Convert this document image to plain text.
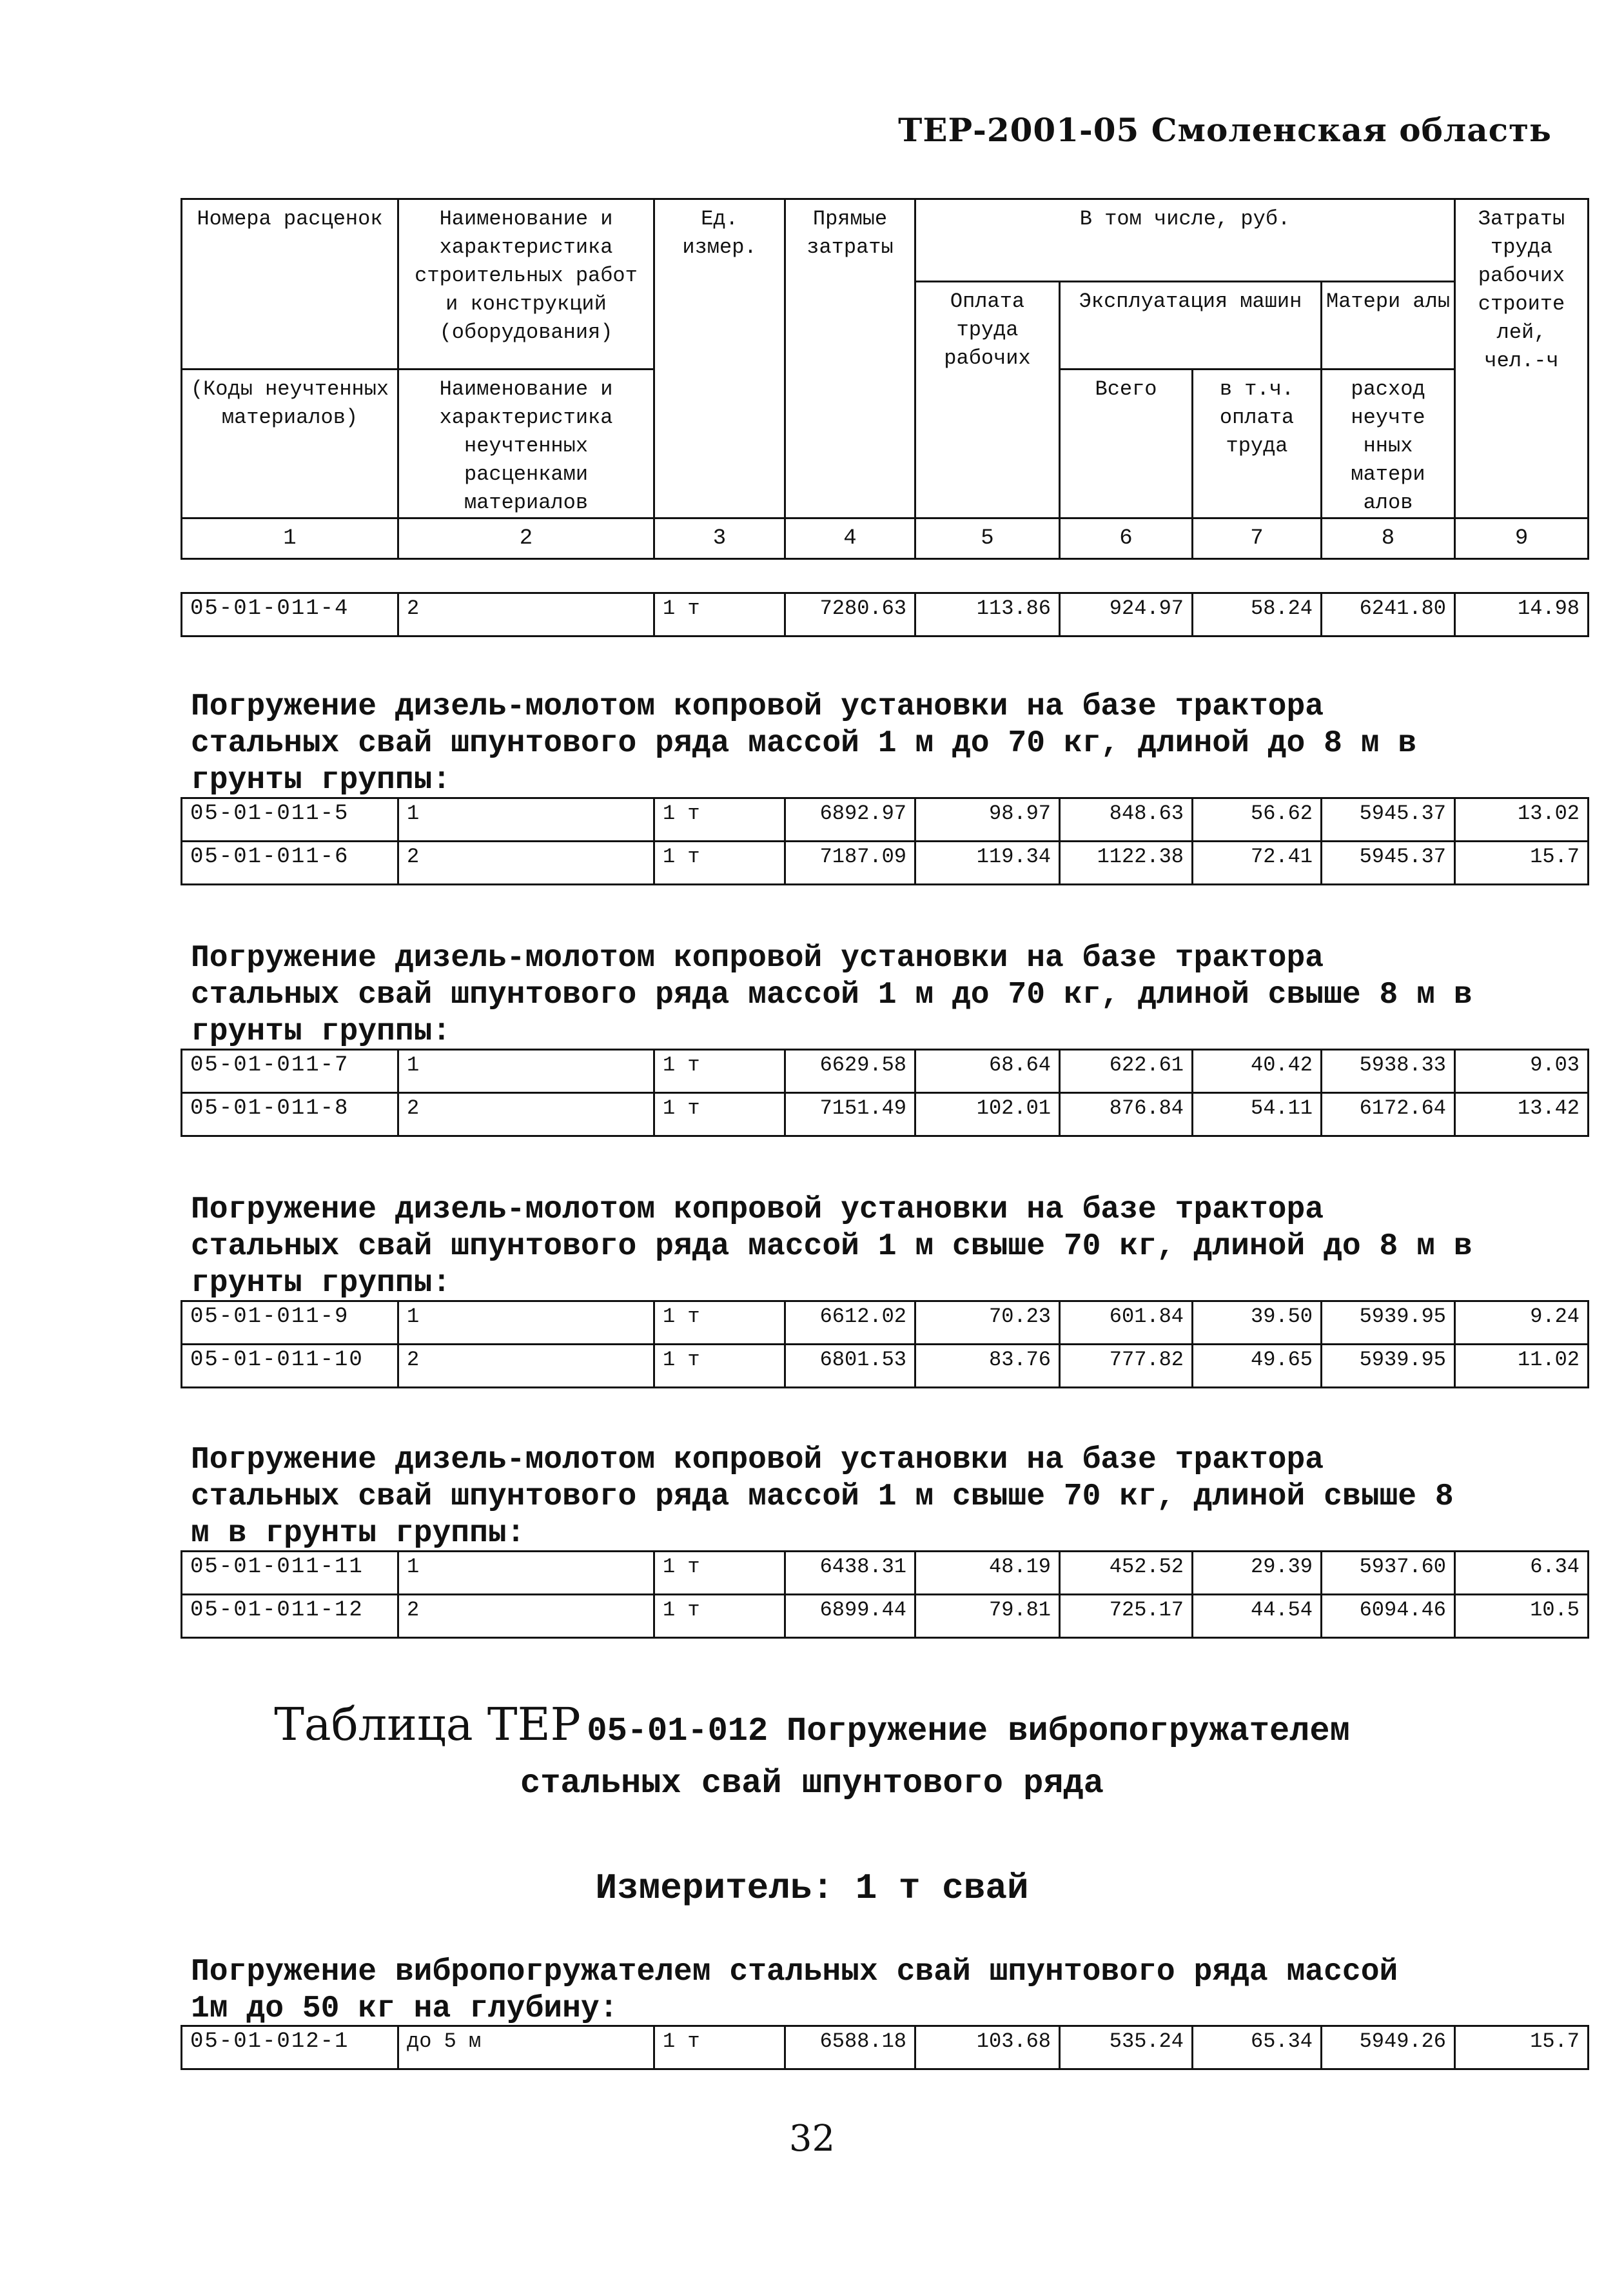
ТЕР-2001-05 Смоленская область
Номера расценок	Наименование и характеристика строительных работ и конструкций (оборудования)	Ед. измер.	Прямые затраты	В том числе, руб.				Затраты труда рабочих строите лей, чел.-ч
				Оплата труда рабочих	Эксплуатация машин		Матери алы	
(Коды неучтенных материалов)	Наименование и характеристика неучтенных расценками материалов				Всего	в т.ч. оплата труда	расход неучте нных матери алов	
1	2	3	4	5	6	7	8	9
05-01-011-4	2	1 т	7280.63	113.86	924.97	58.24	6241.80	14.98
Погружение дизель-молотом копровой установки на базе трактора
стальных свай шпунтового ряда массой 1 м до 70 кг, длиной до 8 м в
грунты группы:
05-01-011-5	1	1 т	6892.97	98.97	848.63	56.62	5945.37	13.02
05-01-011-6	2	1 т	7187.09	119.34	1122.38	72.41	5945.37	15.7
Погружение дизель-молотом копровой установки на базе трактора
стальных свай шпунтового ряда массой 1 м до 70 кг, длиной свыше 8 м в
грунты группы:
05-01-011-7	1	1 т	6629.58	68.64	622.61	40.42	5938.33	9.03
05-01-011-8	2	1 т	7151.49	102.01	876.84	54.11	6172.64	13.42
Погружение дизель-молотом копровой установки на базе трактора
стальных свай шпунтового ряда массой 1 м свыше 70 кг, длиной до 8 м в
грунты группы:
05-01-011-9	1	1 т	6612.02	70.23	601.84	39.50	5939.95	9.24
05-01-011-10	2	1 т	6801.53	83.76	777.82	49.65	5939.95	11.02
Погружение дизель-молотом копровой установки на базе трактора
стальных свай шпунтового ряда массой 1 м свыше 70 кг, длиной свыше 8
м в грунты группы:
05-01-011-11	1	1 т	6438.31	48.19	452.52	29.39	5937.60	6.34
05-01-011-12	2	1 т	6899.44	79.81	725.17	44.54	6094.46	10.5
Таблица ТЕР 05-01-012 Погружение вибропогружателем
стальных свай шпунтового ряда
Измеритель: 1 т свай
Погружение вибропогружателем стальных свай шпунтового ряда массой
1м до 50 кг на глубину:
05-01-012-1	до 5 м	1 т	6588.18	103.68	535.24	65.34	5949.26	15.7
32
